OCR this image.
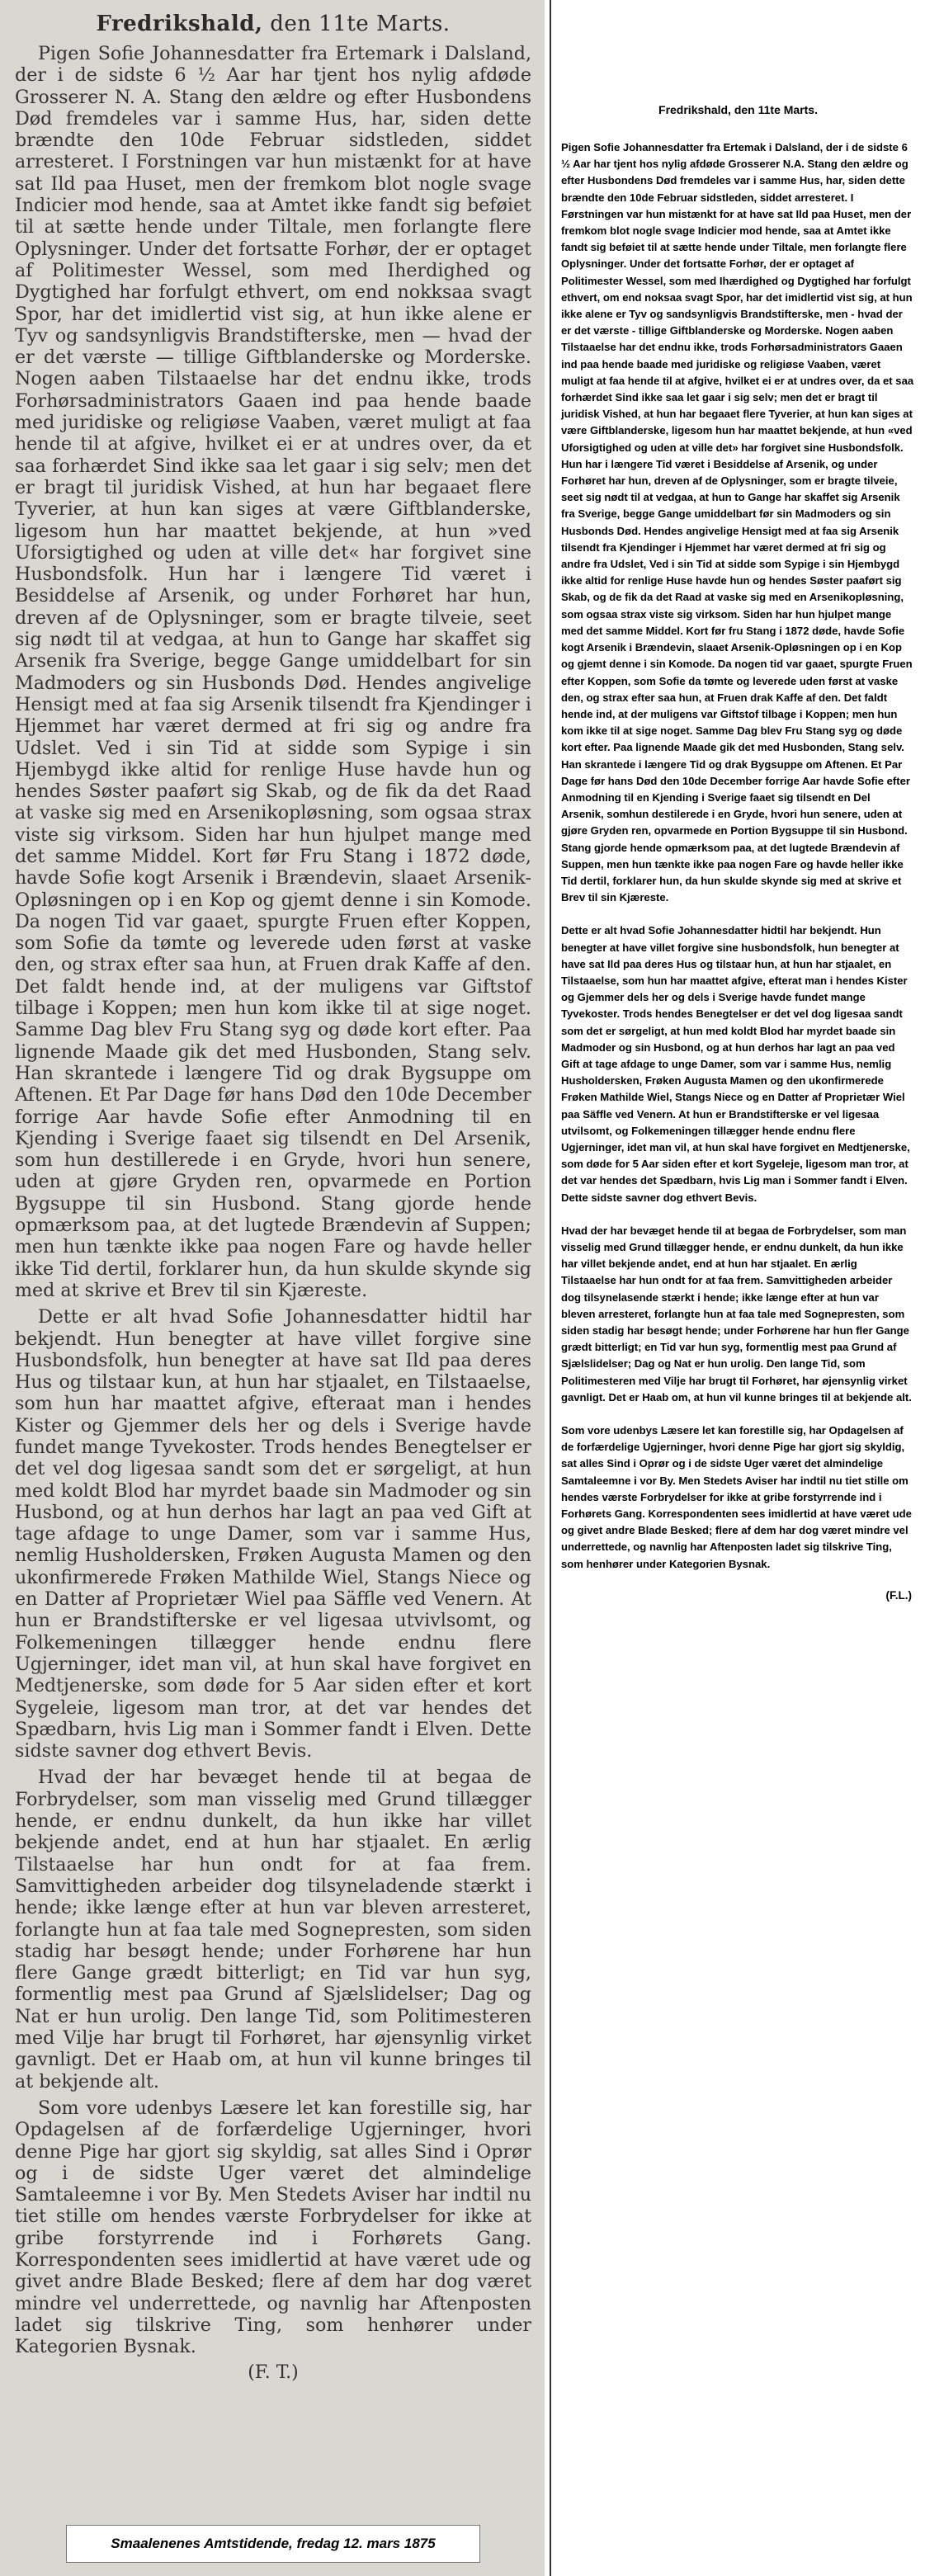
Fredrikshald, den 11te Marts.

Pigen Sofie Johannesdatter fra Ertemark i Dalsland, der i de sidste 6 ½ Aar har tjent hos nylig afdøde Grosserer N. A. Stang den ældre og efter Husbondens Død fremdeles var i samme Hus, har, siden dette brændte den 10de Februar sidstleden, siddet arresteret. I Forstningen var hun mistænkt for at have sat Ild paa Huset, men der fremkom blot nogle svage Indicier mod hende, saa at Amtet ikke fandt sig beføiet til at sætte hende under Tiltale, men forlangte flere Oplysninger. Under det fortsatte Forhør, der er optaget af Politimester Wessel, som med Iherdighed og Dygtighed har forfulgt ethvert, om end nokksaa svagt Spor, har det imidlertid vist sig, at hun ikke alene er Tyv og sandsynligvis Brandstifterske, men — hvad der er det værste — tillige Giftblanderske og Morderske. Nogen aaben Tilstaaelse har det endnu ikke, trods Forhørsadministrators Gaaen ind paa hende baade med juridiske og religiøse Vaaben, været muligt at faa hende til at afgive, hvilket ei er at undres over, da et saa forhærdet Sind ikke saa let gaar i sig selv; men det er bragt til juridisk Vished, at hun har begaaet flere Tyverier, at hun kan siges at være Giftblanderske, ligesom hun har maattet bekjende, at hun »ved Uforsigtighed og uden at ville det« har forgivet sine Husbondsfolk. Hun har i længere Tid været i Besiddelse af Arsenik, og under Forhøret har hun, dreven af de Oplysninger, som er bragte tilveie, seet sig nødt til at vedgaa, at hun to Gange har skaffet sig Arsenik fra Sverige, begge Gange umiddelbart for sin Madmoders og sin Husbonds Død. Hendes angivelige Hensigt med at faa sig Arsenik tilsendt fra Kjendinger i Hjemmet har været dermed at fri sig og andre fra Udslet. Ved i sin Tid at sidde som Sypige i sin Hjembygd ikke altid for renlige Huse havde hun og hendes Søster paaført sig Skab, og de fik da det Raad at vaske sig med en Arsenikopløsning, som ogsaa strax viste sig virksom. Siden har hun hjulpet mange med det samme Middel. Kort før Fru Stang i 1872 døde, havde Sofie kogt Arsenik i Brændevin, slaaet Arsenik-Opløsningen op i en Kop og gjemt denne i sin Komode. Da nogen Tid var gaaet, spurgte Fruen efter Koppen, som Sofie da tømte og leverede uden først at vaske den, og strax efter saa hun, at Fruen drak Kaffe af den. Det faldt hende ind, at der muligens var Giftstof tilbage i Koppen; men hun kom ikke til at sige noget. Samme Dag blev Fru Stang syg og døde kort efter. Paa lignende Maade gik det med Husbonden, Stang selv. Han skrantede i længere Tid og drak Bygsuppe om Aftenen. Et Par Dage før hans Død den 10de December forrige Aar havde Sofie efter Anmodning til en Kjending i Sverige faaet sig tilsendt en Del Arsenik, som hun destillerede i en Gryde, hvori hun senere, uden at gjøre Gryden ren, opvarmede en Portion Bygsuppe til sin Husbond. Stang gjorde hende opmærksom paa, at det lugtede Brændevin af Suppen; men hun tænkte ikke paa nogen Fare og havde heller ikke Tid dertil, forklarer hun, da hun skulde skynde sig med at skrive et Brev til sin Kjæreste.

Dette er alt hvad Sofie Johannesdatter hidtil har bekjendt. Hun benegter at have villet forgive sine Husbondsfolk, hun benegter at have sat Ild paa deres Hus og tilstaar kun, at hun har stjaalet, en Tilstaaelse, som hun har maattet afgive, efteraat man i hendes Kister og Gjemmer dels her og dels i Sverige havde fundet mange Tyvekoster. Trods hendes Benegtelser er det vel dog ligesaa sandt som det er sørgeligt, at hun med koldt Blod har myrdet baade sin Madmoder og sin Husbond, og at hun derhos har lagt an paa ved Gift at tage afdage to unge Damer, som var i samme Hus, nemlig Husholdersken, Frøken Augusta Mamen og den ukonfirmerede Frøken Mathilde Wiel, Stangs Niece og en Datter af Proprietær Wiel paa Säffle ved Venern. At hun er Brandstifterske er vel ligesaa utvivlsomt, og Folkemeningen tillægger hende endnu flere Ugjerninger, idet man vil, at hun skal have forgivet en Medtjenerske, som døde for 5 Aar siden efter et kort Sygeleie, ligesom man tror, at det var hendes det Spædbarn, hvis Lig man i Sommer fandt i Elven. Dette sidste savner dog ethvert Bevis.

Hvad der har bevæget hende til at begaa de Forbrydelser, som man visselig med Grund tillægger hende, er endnu dunkelt, da hun ikke har villet bekjende andet, end at hun har stjaalet. En ærlig Tilstaaelse har hun ondt for at faa frem. Samvittigheden arbeider dog tilsyneladende stærkt i hende; ikke længe efter at hun var bleven arresteret, forlangte hun at faa tale med Sognepresten, som siden stadig har besøgt hende; under Forhørene har hun flere Gange grædt bitterligt; en Tid var hun syg, formentlig mest paa Grund af Sjælslidelser; Dag og Nat er hun urolig. Den lange Tid, som Politimesteren med Vilje har brugt til Forhøret, har øjensynlig virket gavnligt. Det er Haab om, at hun vil kunne bringes til at bekjende alt.

Som vore udenbys Læsere let kan forestille sig, har Opdagelsen af de forfærdelige Ugjerninger, hvori denne Pige har gjort sig skyldig, sat alles Sind i Oprør og i de sidste Uger været det almindelige Samtaleemne i vor By. Men Stedets Aviser har indtil nu tiet stille om hendes værste Forbrydelser for ikke at gribe forstyrrende ind i Forhørets Gang. Korrespondenten sees imidlertid at have været ude og givet andre Blade Besked; flere af dem har dog været mindre vel underrettede, og navnlig har Aftenposten ladet sig tilskrive Ting, som henhører under Kategorien Bysnak.

(F. T.)
Smaalenenes Amtstidende, fredag 12. mars 1875
Fredrikshald, den 11te Marts.

Pigen Sofie Johannesdatter fra Ertemak i Dalsland, der i de sidste 6 ½ Aar har tjent hos nylig afdøde Grosserer N.A. Stang den ældre og efter Husbondens Død fremdeles var i samme Hus, har, siden dette brændte den 10de Februar sidstleden, siddet arresteret. I Førstningen var hun mistænkt for at have sat Ild paa Huset, men der fremkom blot nogle svage Indicier mod hende, saa at Amtet ikke fandt sig beføiet til at sætte hende under Tiltale, men forlangte flere Oplysninger. Under det fortsatte Forhør, der er optaget af Politimester Wessel, som med Ihærdighed og Dygtighed har forfulgt ethvert, om end noksaa svagt Spor, har det imidlertid vist sig, at hun ikke alene er Tyv og sandsynligvis Brandstifterske, men - hvad der er det værste - tillige Giftblanderske og Morderske. Nogen aaben Tilstaaelse har det endnu ikke, trods Forhørsadministrators Gaaen ind paa hende baade med juridiske og religiøse Vaaben, været muligt at faa hende til at afgive, hvilket ei er at undres over, da et saa forhærdet Sind ikke saa let gaar i sig selv; men det er bragt til juridisk Vished, at hun har begaaet flere Tyverier, at hun kan siges at være Giftblanderske, ligesom hun har maattet bekjende, at hun «ved Uforsigtighed og uden at ville det» har forgivet sine Husbondsfolk. Hun har i længere Tid været i Besiddelse af Arsenik, og under Forhøret har hun, dreven af de Oplysninger, som er bragte tilveie, seet sig nødt til at vedgaa, at hun to Gange har skaffet sig Arsenik fra Sverige, begge Gange umiddelbart før sin Madmoders og sin Husbonds Død. Hendes angivelige Hensigt med at faa sig Arsenik tilsendt fra Kjendinger i Hjemmet har været dermed at fri sig og andre fra Udslet, Ved i sin Tid at sidde som Sypige i sin Hjembygd ikke altid for renlige Huse havde hun og hendes Søster paaført sig Skab, og de fik da det Raad at vaske sig med en Arsenikopløsning, som ogsaa strax viste sig virksom. Siden har hun hjulpet mange med det samme Middel. Kort før fru Stang i 1872 døde, havde Sofie kogt Arsenik i Brændevin, slaaet Arsenik-Opløsningen op i en Kop og gjemt denne i sin Komode. Da nogen tid var gaaet, spurgte Fruen efter Koppen, som Sofie da tømte og leverede uden først at vaske den, og strax efter saa hun, at Fruen drak Kaffe af den. Det faldt hende ind, at der muligens var Giftstof tilbage i Koppen; men hun kom ikke til at sige noget. Samme Dag blev Fru Stang syg og døde kort efter. Paa lignende Maade gik det med Husbonden, Stang selv. Han skrantede i længere Tid og drak Bygsuppe om Aftenen. Et Par Dage før hans Død den 10de December forrige Aar havde Sofie efter Anmodning til en Kjending i Sverige faaet sig tilsendt en Del Arsenik, somhun destilerede i en Gryde, hvori hun senere, uden at gjøre Gryden ren, opvarmede en Portion Bygsuppe til sin Husbond. Stang gjorde hende opmærksom paa, at det lugtede Brændevin af Suppen, men hun tænkte ikke paa nogen Fare og havde heller ikke Tid dertil, forklarer hun, da hun skulde skynde sig med at skrive et Brev til sin Kjæreste.

Dette er alt hvad Sofie Johannesdatter hidtil har bekjendt. Hun benegter at have villet forgive sine husbondsfolk, hun benegter at have sat Ild paa deres Hus og tilstaar hun, at hun har stjaalet, en Tilstaaelse, som hun har maattet afgive, efterat man i hendes Kister og Gjemmer dels her og dels i Sverige havde fundet mange Tyvekoster. Trods hendes Benegtelser er det vel dog ligesaa sandt som det er sørgeligt, at hun med koldt Blod har myrdet baade sin Madmoder og sin Husbond, og at hun derhos har lagt an paa ved Gift at tage afdage to unge Damer, som var i samme Hus, nemlig Husholdersken, Frøken Augusta Mamen og den ukonfirmerede Frøken Mathilde Wiel, Stangs Niece og en Datter af Proprietær Wiel paa Säffle ved Venern. At hun er Brandstifterske er vel ligesaa utvilsomt, og Folkemeningen tillægger hende endnu flere Ugjerninger, idet man vil, at hun skal have forgivet en Medtjenerske, som døde for 5 Aar siden efter et kort Sygeleje, ligesom man tror, at det var hendes det Spædbarn, hvis Lig man i Sommer fandt i Elven. Dette sidste savner dog ethvert Bevis.

Hvad der har bevæget hende til at begaa de Forbrydelser, som man visselig med Grund tillægger hende, er endnu dunkelt, da hun ikke har villet bekjende andet, end at hun har stjaalet. En ærlig Tilstaaelse har hun ondt for at faa frem. Samvittigheden arbeider dog tilsynelasende stærkt i hende; ikke længe efter at hun var bleven arresteret, forlangte hun at faa tale med Sognepresten, som siden stadig har besøgt hende; under Forhørene har hun fler Gange grædt bitterligt; en Tid var hun syg, formentlig mest paa Grund af Sjælslidelser; Dag og Nat er hun urolig. Den lange Tid, som Politimesteren med Vilje har brugt til Forhøret, har øjensynlig virket gavnligt. Det er Haab om, at hun vil kunne bringes til at bekjende alt.

Som vore udenbys Læsere let kan forestille sig, har Opdagelsen af de forfærdelige Ugjerninger, hvori denne Pige har gjort sig skyldig, sat alles Sind i Oprør og i de sidste Uger været det almindelige Samtaleemne i vor By. Men Stedets Aviser har indtil nu tiet stille om hendes værste Forbrydelser for ikke at gribe forstyrrende ind i Forhørets Gang. Korrespondenten sees imidlertid at have været ude og givet andre Blade Besked; flere af dem har dog været mindre vel underrettede, og navnlig har Aftenposten ladet sig tilskrive Ting, som henhører under Kategorien Bysnak.

(F.L.)
